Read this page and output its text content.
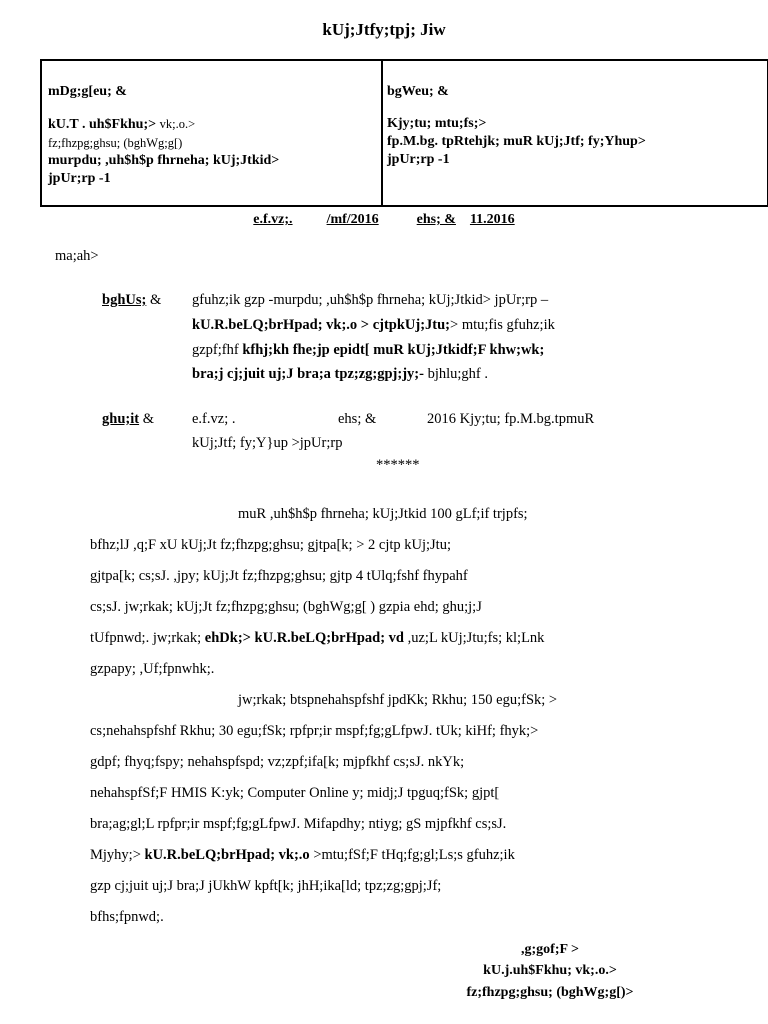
kUj;Jtfy;tpj; Jiw
mDg;g[eu; &
kU.T . uh$Fkhu;> vk;.o.>
fz;fhzpg;ghsu; (bghWg;g[)
murpdu; ,uh$h$p fhrneha; kUj;Jtkid>
jpUr;rp -1
bgWeu; &
Kjy;tu; mtu;fs;>
fp.M.bg. tpRtehjk; muR kUj;Jtf; fy;Yhup>
jpUr;rp -1
e.f.vz;. /mf/2016	ehs; & 11.2016
ma;ah>
bghUs; & gfuhz;ik gzp -murpdu; ,uh$h$p fhrneha; kUj;Jtkid> jpUr;rp –
kU.R.beLQ;brHpad; vk;.o > cjtpkUj;Jtu;> mtu;fis gfuhz;ik
gzpf;fhf kfhj;kh fhe;jp epidt[ muR kUj;Jtkidf;F khw;wk;
bra;j cj;juit uj;J bra;a tpz;zg;gpj;jy;- bjhlu;ghf .
ghu;it &	e.f.vz; .	ehs; &	2016 Kjy;tu; fp.M.bg.tpmuR
kUj;Jtf; fy;Y}up >jpUr;rp
******
muR ,uh$h$p fhrneha; kUj;Jtkid 100 gLf;if trjpfs;
bfhz;lJ ,q;F xU kUj;Jt fz;fhzpg;ghsu; gjtpa[k; > 2 cjtp kUj;Jtu;
gjtpa[k; cs;sJ. ,jpy; kUj;Jt fz;fhzpg;ghsu; gjtp 4 tUlq;fshf fhypahf
cs;sJ. jw;rkak; kUj;Jt fz;fhzpg;ghsu; (bghWg;g[ ) gzpia ehd; ghu;j;J
tUfpnwd;. jw;rkak; ehDk;> kU.R.beLQ;brHpad; vd ,uz;L kUj;Jtu;fs; kl;Lnk
gzpapy; ,Uf;fpnwhk;.
jw;rkak; btspnehahspfshf jpdKk; Rkhu; 150 egu;fSk; >
cs;nehahspfshf Rkhu; 30 egu;fSk; rpfpr;ir mspf;fg;gLfpwJ. tUk; kiHf; fhyk;>
gdpf; fhyq;fspy; nehahspfspd; vz;zpf;ifa[k; mjpfkhf cs;sJ. nkYk;
nehahspfSf;F HMIS K:yk; Computer Online y; midj;J tpguq;fSk; gjpt[
bra;ag;gl;L rpfpr;ir mspf;fg;gLfpwJ. Mifapdhy; ntiyg; gS mjpfkhf cs;sJ.
Mjyhy;> kU.R.beLQ;brHpad; vk;.o >mtu;fSf;F tHq;fg;gl;Ls;s gfuhz;ik
gzp cj;juit uj;J bra;J jUkhW kpft[k; jhH;ika[ld; tpz;zg;gpj;Jf;
bfhs;fpnwd;.
,g;gof;F >
kU.j.uh$Fkhu; vk;.o.>
fz;fhzpg;ghsu; (bghWg;g[)>
